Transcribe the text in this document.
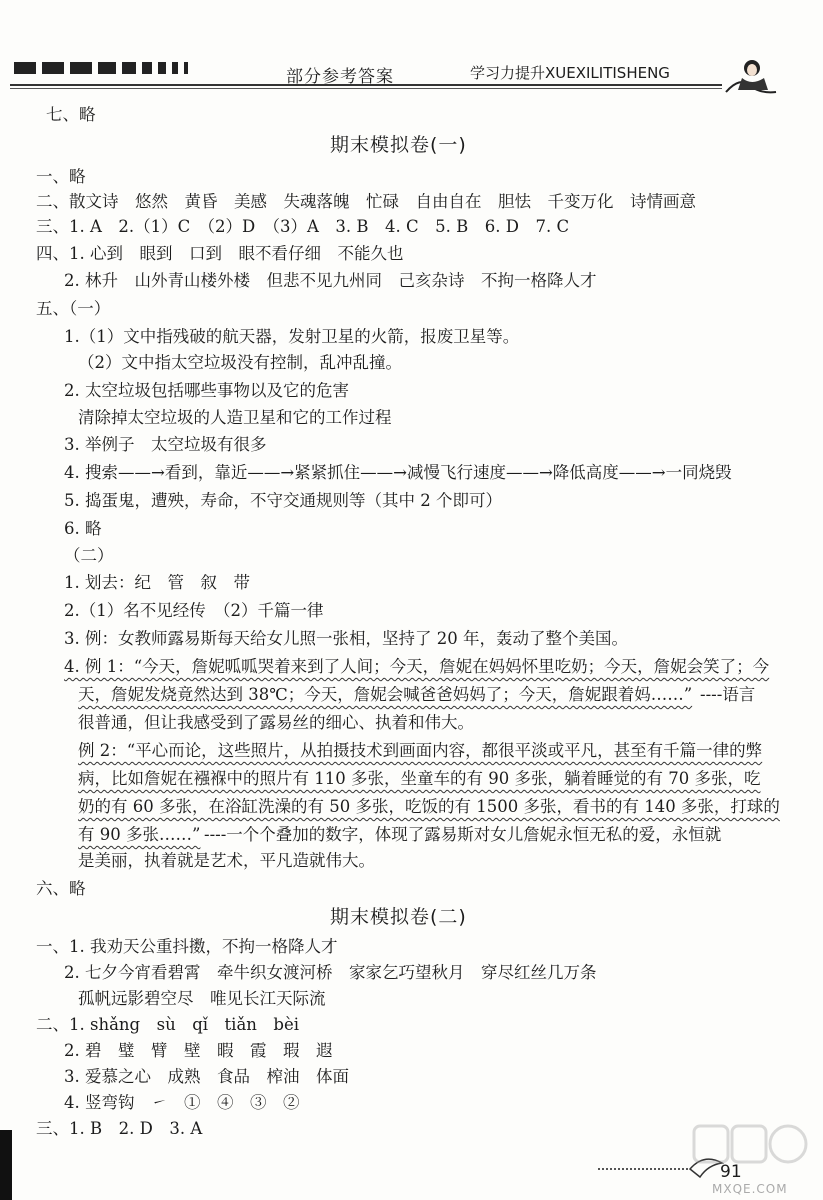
部分参考答案	学习力提升XUEXILITISHENG
七、略
期末模拟卷(一)
一、略
二、散文诗　悠然　黄昏　美感　失魂落魄　忙碌　自由自在　胆怯　千变万化　诗情画意
三、1. A　2.（1）C　（2）D　（3）A　3. B　4. C　5. B　6. D　7. C
四、1. 心到　眼到　口到　眼不看仔细　不能久也
2. 林升　山外青山楼外楼　但悲不见九州同　己亥杂诗　不拘一格降人才
五、（一）
1.（1）文中指残破的航天器，发射卫星的火箭，报废卫星等。
（2）文中指太空垃圾没有控制，乱冲乱撞。
2. 太空垃圾包括哪些事物以及它的危害
清除掉太空垃圾的人造卫星和它的工作过程
3. 举例子　太空垃圾有很多
4. 搜索——→看到，靠近——→紧紧抓住——→减慢飞行速度——→降低高度——→一同烧毁
5. 捣蛋鬼，遭殃，寿命，不守交通规则等（其中 2 个即可）
6. 略
（二）
1. 划去：纪　管　叙　带
2.（1）名不见经传　（2）千篇一律
3. 例：女教师露易斯每天给女儿照一张相，坚持了 20 年，轰动了整个美国。
4. 例 1：“今天，詹妮呱呱哭着来到了人间；今天，詹妮在妈妈怀里吃奶；今天，詹妮会笑了；今
天，詹妮发烧竟然达到 38℃；今天，詹妮会喊爸爸妈妈了；今天，詹妮跟着妈……” ----语言
很普通，但让我感受到了露易丝的细心、执着和伟大。
例 2：“平心而论，这些照片，从拍摄技术到画面内容，都很平淡或平凡，甚至有千篇一律的弊
病，比如詹妮在襁褓中的照片有 110 多张，坐童车的有 90 多张，躺着睡觉的有 70 多张，吃
奶的有 60 多张，在浴缸洗澡的有 50 多张，吃饭的有 1500 多张，看书的有 140 多张，打球的
有 90 多张……” ----一个个叠加的数字，体现了露易斯对女儿詹妮永恒无私的爱，永恒就
是美丽，执着就是艺术，平凡造就伟大。
六、略
期末模拟卷(二)
一、1. 我劝天公重抖擞，不拘一格降人才
2. 七夕今宵看碧霄　牵牛织女渡河桥　家家乞巧望秋月　穿尽红丝几万条
孤帆远影碧空尽　唯见长江天际流
二、1. shǎng　sù　qǐ　tiǎn　bèi
2. 碧　璧　臂　壁　暇　霞　瑕　遐
3. 爱慕之心　成熟　食品　榨油　体面
4. 竖弯钩　㇀　①　④　③　②
三、1. B　2. D　3. A
91
MXQE.COM
